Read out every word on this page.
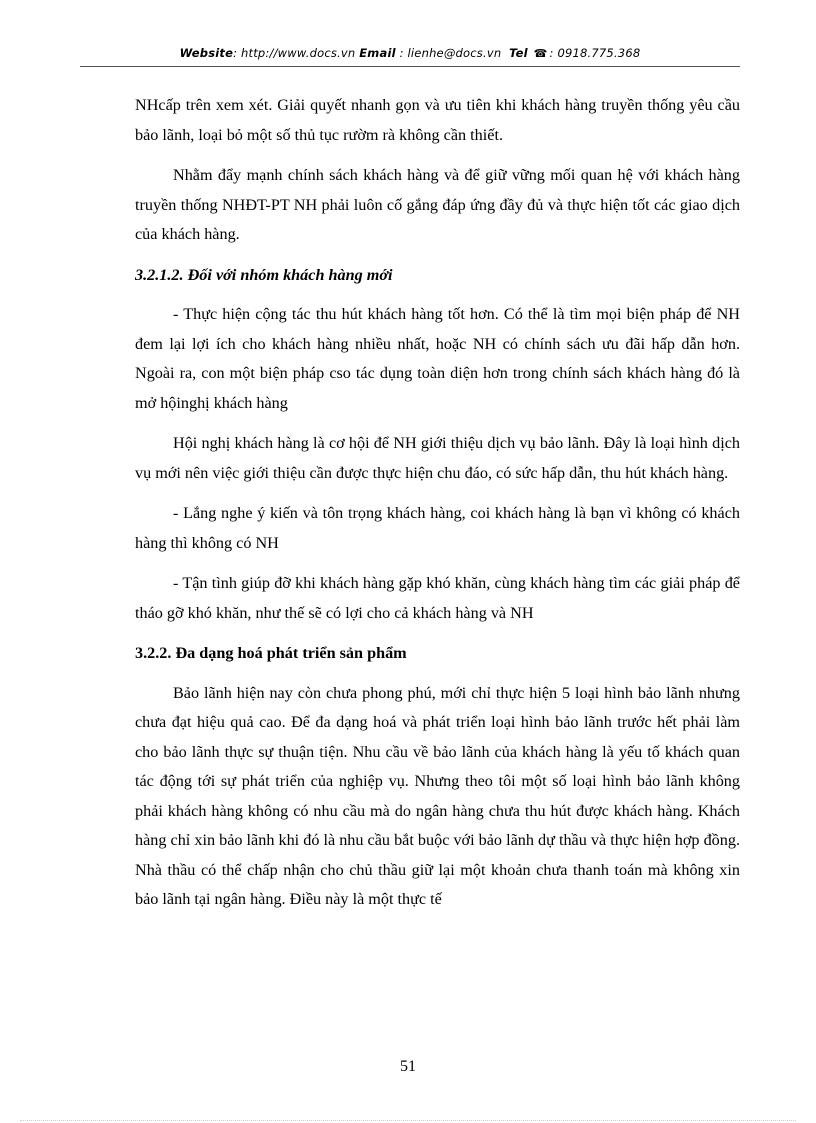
Website: http://www.docs.vn Email : lienhe@docs.vn Tel ☎ : 0918.775.368

NHcấp trên xem xét. Giải quyết nhanh gọn và ưu tiên khi khách hàng truyền thống yêu cầu bảo lãnh, loại bỏ một số thủ tục rườm rà không cần thiết.

Nhằm đẩy mạnh chính sách khách hàng và để giữ vững mối quan hệ với khách hàng truyền thống NHĐT-PT NH phải luôn cố gắng đáp ứng đầy đủ và thực hiện tốt các giao dịch của khách hàng.

3.2.1.2. Đối với nhóm khách hàng mới

- Thực hiện cộng tác thu hút khách hàng tốt hơn. Có thể là tìm mọi biện pháp để NH đem lại lợi ích cho khách hàng nhiều nhất, hoặc NH có chính sách ưu đãi hấp dẫn hơn. Ngoài ra, con một biện pháp cso tác dụng toàn diện hơn trong chính sách khách hàng đó là mở hộinghị khách hàng

Hội nghị khách hàng là cơ hội để NH giới thiệu dịch vụ bảo lãnh. Đây là loại hình dịch vụ mới nên việc giới thiệu cần được thực hiện chu đáo, có sức hấp dẫn, thu hút khách hàng.

- Lắng nghe ý kiến và tôn trọng khách hàng, coi khách hàng là bạn vì không có khách hàng thì không có NH

- Tận tình giúp đỡ khi khách hàng gặp khó khăn, cùng khách hàng tìm các giải pháp để tháo gỡ khó khăn, như thế sẽ có lợi cho cả khách hàng và NH

3.2.2. Đa dạng hoá phát triển sản phẩm

Bảo lãnh hiện nay còn chưa phong phú, mới chỉ thực hiện 5 loại hình bảo lãnh nhưng chưa đạt hiệu quả cao. Để đa dạng hoá và phát triển loại hình bảo lãnh trước hết phải làm cho bảo lãnh thực sự thuận tiện. Nhu cầu về bảo lãnh của khách hàng là yếu tố khách quan tác động tới sự phát triển của nghiệp vụ. Nhưng theo tôi một số loại hình bảo lãnh không phải khách hàng không có nhu cầu mà do ngân hàng chưa thu hút được khách hàng. Khách hàng chỉ xin bảo lãnh khi đó là nhu cầu bắt buộc với bảo lãnh dự thầu và thực hiện hợp đồng. Nhà thầu có thể chấp nhận cho chủ thầu giữ lại một khoản chưa thanh toán mà không xin bảo lãnh tại ngân hàng. Điều này là một thực tế

51
